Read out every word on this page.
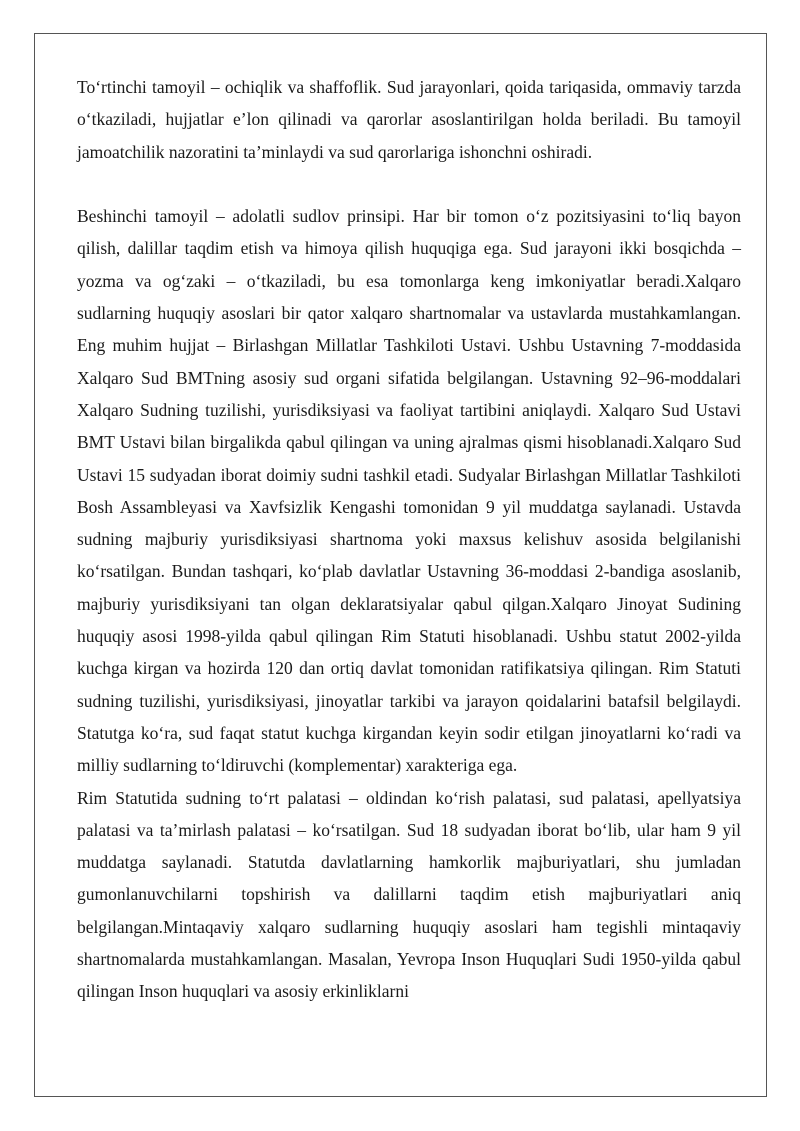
To‘rtinchi tamoyil – ochiqlik va shaffoflik. Sud jarayonlari, qoida tariqasida, ommaviy tarzda o‘tkaziladi, hujjatlar e’lon qilinadi va qarorlar asoslantirilgan holda beriladi. Bu tamoyil jamoatchilik nazoratini ta’minlaydi va sud qarorlariga ishonchni oshiradi.

Beshinchi tamoyil – adolatli sudlov prinsipi. Har bir tomon o‘z pozitsiyasini to‘liq bayon qilish, dalillar taqdim etish va himoya qilish huquqiga ega. Sud jarayoni ikki bosqichda – yozma va og‘zaki – o‘tkaziladi, bu esa tomonlarga keng imkoniyatlar beradi.Xalqaro sudlarning huquqiy asoslari bir qator xalqaro shartnomalar va ustavlarda mustahkamlangan. Eng muhim hujjat – Birlashgan Millatlar Tashkiloti Ustavi. Ushbu Ustavning 7-moddasida Xalqaro Sud BMTning asosiy sud organi sifatida belgilangan. Ustavning 92–96-moddalari Xalqaro Sudning tuzilishi, yurisdiksiyasi va faoliyat tartibini aniqlaydi. Xalqaro Sud Ustavi BMT Ustavi bilan birgalikda qabul qilingan va uning ajralmas qismi hisoblanadi.Xalqaro Sud Ustavi 15 sudyadan iborat doimiy sudni tashkil etadi. Sudyalar Birlashgan Millatlar Tashkiloti Bosh Assambleyasi va Xavfsizlik Kengashi tomonidan 9 yil muddatga saylanadi. Ustavda sudning majburiy yurisdiksiyasi shartnoma yoki maxsus kelishuv asosida belgilanishi ko‘rsatilgan. Bundan tashqari, ko‘plab davlatlar Ustavning 36-moddasi 2-bandiga asoslanib, majburiy yurisdiksiyani tan olgan deklaratsiyalar qabul qilgan.Xalqaro Jinoyat Sudining huquqiy asosi 1998-yilda qabul qilingan Rim Statuti hisoblanadi. Ushbu statut 2002-yilda kuchga kirgan va hozirda 120 dan ortiq davlat tomonidan ratifikatsiya qilingan. Rim Statuti sudning tuzilishi, yurisdiksiyasi, jinoyatlar tarkibi va jarayon qoidalarini batafsil belgilaydi. Statutga ko‘ra, sud faqat statut kuchga kirgandan keyin sodir etilgan jinoyatlarni ko‘radi va milliy sudlarning to‘ldiruvchi (komplementar) xarakteriga ega.

Rim Statutida sudning to‘rt palatasi – oldindan ko‘rish palatasi, sud palatasi, apellyatsiya palatasi va ta’mirlash palatasi – ko‘rsatilgan. Sud 18 sudyadan iborat bo‘lib, ular ham 9 yil muddatga saylanadi. Statutda davlatlarning hamkorlik majburiyatlari, shu jumladan gumonlanuvchilarni topshirish va dalillarni taqdim etish majburiyatlari aniq belgilangan.Mintaqaviy xalqaro sudlarning huquqiy asoslari ham tegishli mintaqaviy shartnomalarda mustahkamlangan. Masalan, Yevropa Inson Huquqlari Sudi 1950-yilda qabul qilingan Inson huquqlari va asosiy erkinliklarni
